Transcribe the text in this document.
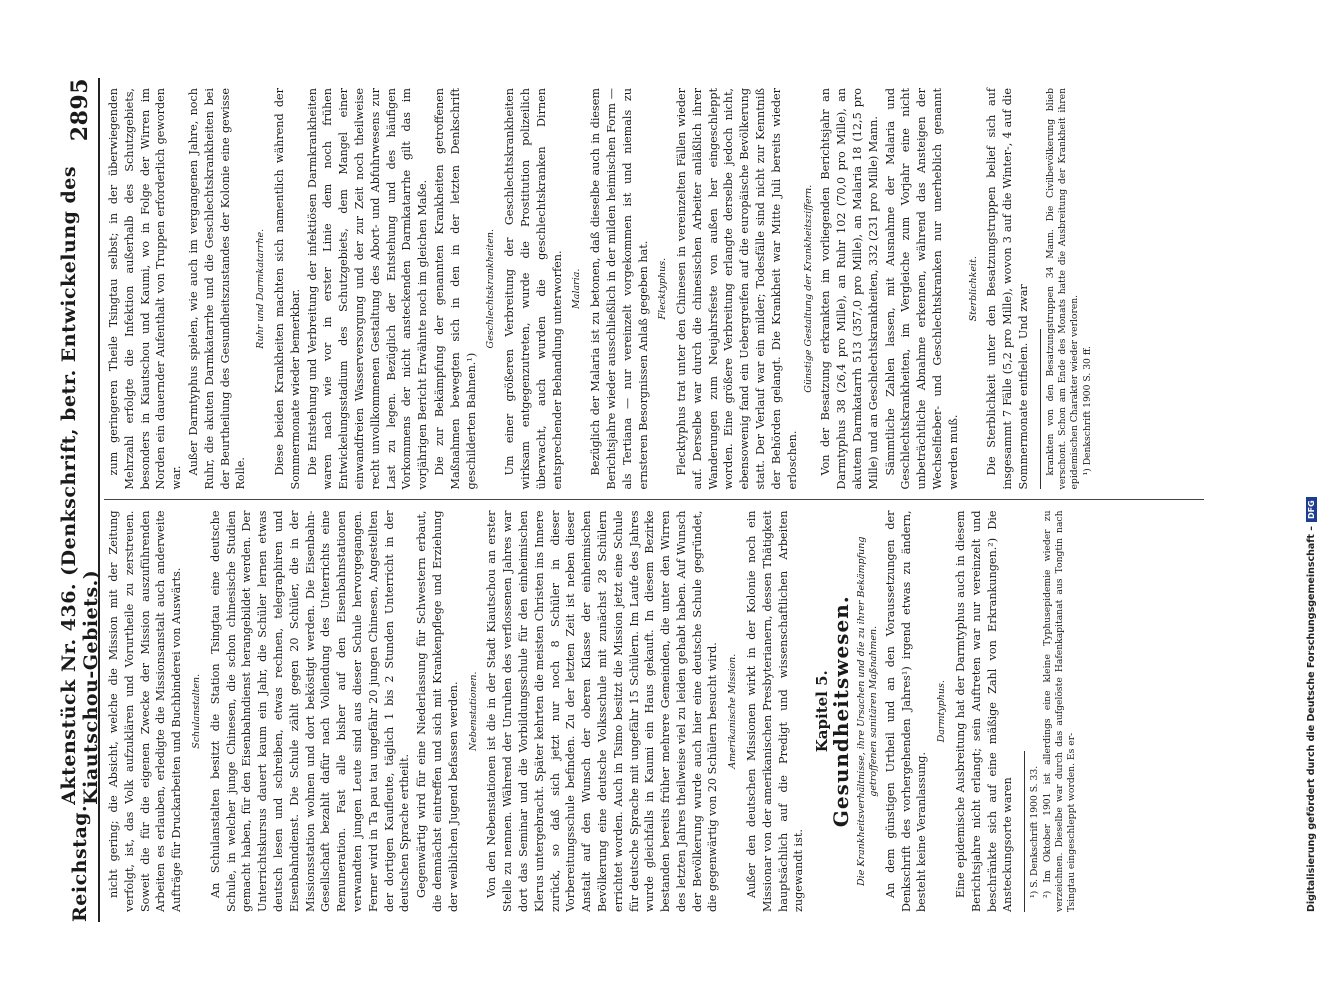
Reichstag.
Aktenstück Nr. 436. (Denkschrift, betr. Entwickelung des Kiautschou-Gebiets.)
2895

nicht gering; die Absicht, welche die Mission mit der Zeitung verfolgt, ist, das Volk aufzuklären und Vorurtheile zu zerstreuen. Soweit die für die eigenen Zwecke der Mission auszuführenden Arbeiten es erlauben, erledigte die Missionsanstalt auch anderweite Aufträge für Druckarbeiten und Buchbinderei von Auswärts. Schulanstalten. An Schulanstalten besitzt die Station Tsingtau eine deutsche Schule, in welcher junge Chinesen, die schon chinesische Studien gemacht haben, für den Eisenbahndienst herangebildet werden. Der Unterrichtskursus dauert kaum ein Jahr, die Schüler lernen etwas deutsch lesen und schreiben, etwas rechnen, telegraphiren und Eisenbahndienst. Die Schule zählt gegen 20 Schüler, die in der Missionsstation wohnen und dort beköstigt werden. Die Eisenbahn-Gesellschaft bezahlt dafür nach Vollendung des Unterrichts eine Remuneration. Fast alle bisher auf den Eisenbahnstationen verwandten jungen Leute sind aus dieser Schule hervorgegangen. Ferner wird in Ta pau tau ungefähr 20 jungen Chinesen, Angestellten der dortigen Kaufleute, täglich 1 bis 2 Stunden Unterricht in der deutschen Sprache ertheilt. Gegenwärtig wird für eine Niederlassung für Schwestern erbaut, die demnächst eintreffen und sich mit Krankenpflege und Erziehung der weiblichen Jugend befassen werden. Nebenstationen. Von den Nebenstationen ist die in der Stadt Kiautschou an erster Stelle zu nennen. Während der Unruhen des verflossenen Jahres war dort das Seminar und die Vorbildungsschule für den einheimischen Klerus untergebracht. Später kehrten die meisten Christen ins Innere zurück, so daß sich jetzt nur noch 8 Schüler in dieser Vorbereitungsschule befinden. Zu der letzten Zeit ist neben dieser Anstalt auf den Wunsch der oberen Klasse der einheimischen Bevölkerung eine deutsche Volksschule mit zunächst 28 Schülern errichtet worden. Auch in Tsimo besitzt die Mission jetzt eine Schule für deutsche Sprache mit ungefähr 15 Schülern. Im Laufe des Jahres wurde gleichfalls in Kaumi ein Haus gekauft. In diesem Bezirke bestanden bereits früher mehrere Gemeinden, die unter den Wirren des letzten Jahres theilweise viel zu leiden gehabt haben. Auf Wunsch der Bevölkerung wurde auch hier eine deutsche Schule gegründet, die gegenwärtig von 20 Schülern besucht wird. Amerikanische Mission. Außer den deutschen Missionen wirkt in der Kolonie noch ein Missionar von der amerikanischen Presbyterianern, dessen Thätigkeit hauptsächlich auf die Predigt und wissenschaftlichen Arbeiten zugewandt ist.

Kapitel 5.
Gesundheitswesen. Die Krankheitsverhältnisse, ihre Ursachen und die zu ihrer Bekämpfung getroffenen sanitären Maßnahmen. An dem günstigen Urtheil und an den Voraussetzungen der Denkschrift des vorhergehenden Jahres¹) irgend etwas zu ändern, besteht keine Veranlassung.

Darmtyphus. Eine epidemische Ausbreitung hat der Darmtyphus auch in diesem Berichtsjahre nicht erlangt; sein Auftreten war nur vereinzelt und beschränkte sich auf eine mäßige Zahl von Erkrankungen.²) Die Ansteckungsorte waren ¹) S. Denkschrift 1900 S. 33. ²) Im Oktober 1901 ist allerdings eine kleine Typhusepidemie wieder zu verzeichnen. Dieselbe war durch das aufgelöste Hafenkapitanat aus Tongtin nach Tsingtau eingeschleppt worden. Es er-

zum geringeren Theile Tsingtau selbst; in der überwiegenden Mehrzahl erfolgte die Infektion außerhalb des Schutzgebiets, besonders in Kiautschou und Kaumi, wo in Folge der Wirren im Norden ein dauernder Aufenthalt von Truppen erforderlich geworden war.

Außer Darmtyphus spielen, wie auch im vergangenen Jahre, noch Ruhr, die akuten Darmkatarrhe und die Geschlechtskrankheiten bei der Beurtheilung des Gesundheitszustandes der Kolonie eine gewisse Rolle.

Ruhr und Darmkatarrhe. Diese beiden Krankheiten machten sich namentlich während der Sommermonate wieder bemerkbar. Die Entstehung und Verbreitung der infektiösen Darmkrankheiten waren nach wie vor in erster Linie dem noch frühen Entwickelungsstadium des Schutzgebiets, dem Mangel einer einwandfreien Wasserversorgung und der zur Zeit noch theilweise recht unvollkommenen Gestaltung des Abort- und Abfuhrwesens zur Last zu legen. Bezüglich der Entstehung und des häufigen Vorkommens der nicht ansteckenden Darmkatarrhe gilt das im vorjährigen Bericht Erwähnte noch im gleichen Maße. Die zur Bekämpfung der genannten Krankheiten getroffenen Maßnahmen bewegten sich in den in der letzten Denkschrift geschilderten Bahnen.¹)

Geschlechtskrankheiten. Um einer größeren Verbreitung der Geschlechtskrankheiten wirksam entgegenzutreten, wurde die Prostitution polizeilich überwacht, auch wurden die geschlechtskranken Dirnen entsprechender Behandlung unterworfen. Malaria. Bezüglich der Malaria ist zu betonen, daß dieselbe auch in diesem Berichtsjahre wieder ausschließlich in der milden heimischen Form — als Tertiana — nur vereinzelt vorgekommen ist und niemals zu ernsteren Besorgnissen Anlaß gegeben hat. Flecktyphus. Flecktyphus trat unter den Chinesen in vereinzelten Fällen wieder auf. Derselbe war durch die chinesischen Arbeiter anläßlich ihrer Wanderungen zum Neujahrsfeste von außen her eingeschleppt worden. Eine größere Verbreitung erlangte derselbe jedoch nicht, ebensowenig fand ein Uebergreifen auf die europäische Bevölkerung statt. Der Verlauf war ein milder; Todesfälle sind nicht zur Kenntniß der Behörden gelangt. Die Krankheit war Mitte Juli bereits wieder erloschen.

Günstige Gestaltung der Krankheitsziffern. Von der Besatzung erkrankten im vorliegenden Berichtsjahr an Darmtyphus 38 (26,4 pro Mille), an Ruhr 102 (70,0 pro Mille), an akutem Darmkatarrh 513 (357,0 pro Mille), an Malaria 18 (12,5 pro Mille) und an Geschlechtskrankheiten, 332 (231 pro Mille) Mann. Sämmtliche Zahlen lassen, mit Ausnahme der Malaria und Geschlechtskrankheiten, im Vergleiche zum Vorjahr eine nicht unbeträchtliche Abnahme erkennen, während das Ansteigen der Wechselfieber- und Geschlechtskranken nur unerheblich genannt werden muß.

Sterblichkeit. Die Sterblichkeit unter den Besatzungstruppen belief sich auf insgesammt 7 Fälle (5,2 pro Mille), wovon 3 auf die Winter-, 4 auf die Sommermonate entfielen. Und zwar krankten von den Besatzungstruppen 34 Mann. Die Civilbevölkerung blieb verschont. Schon am Ende des Monats hatte die Ausbreitung der Krankheit ihren epidemischen Charakter wieder verloren. ¹) Denkschrift 1900 S. 30 ff.

Digitalisierung gefördert durch die Deutsche Forschungsgemeinschaft –
DFG
